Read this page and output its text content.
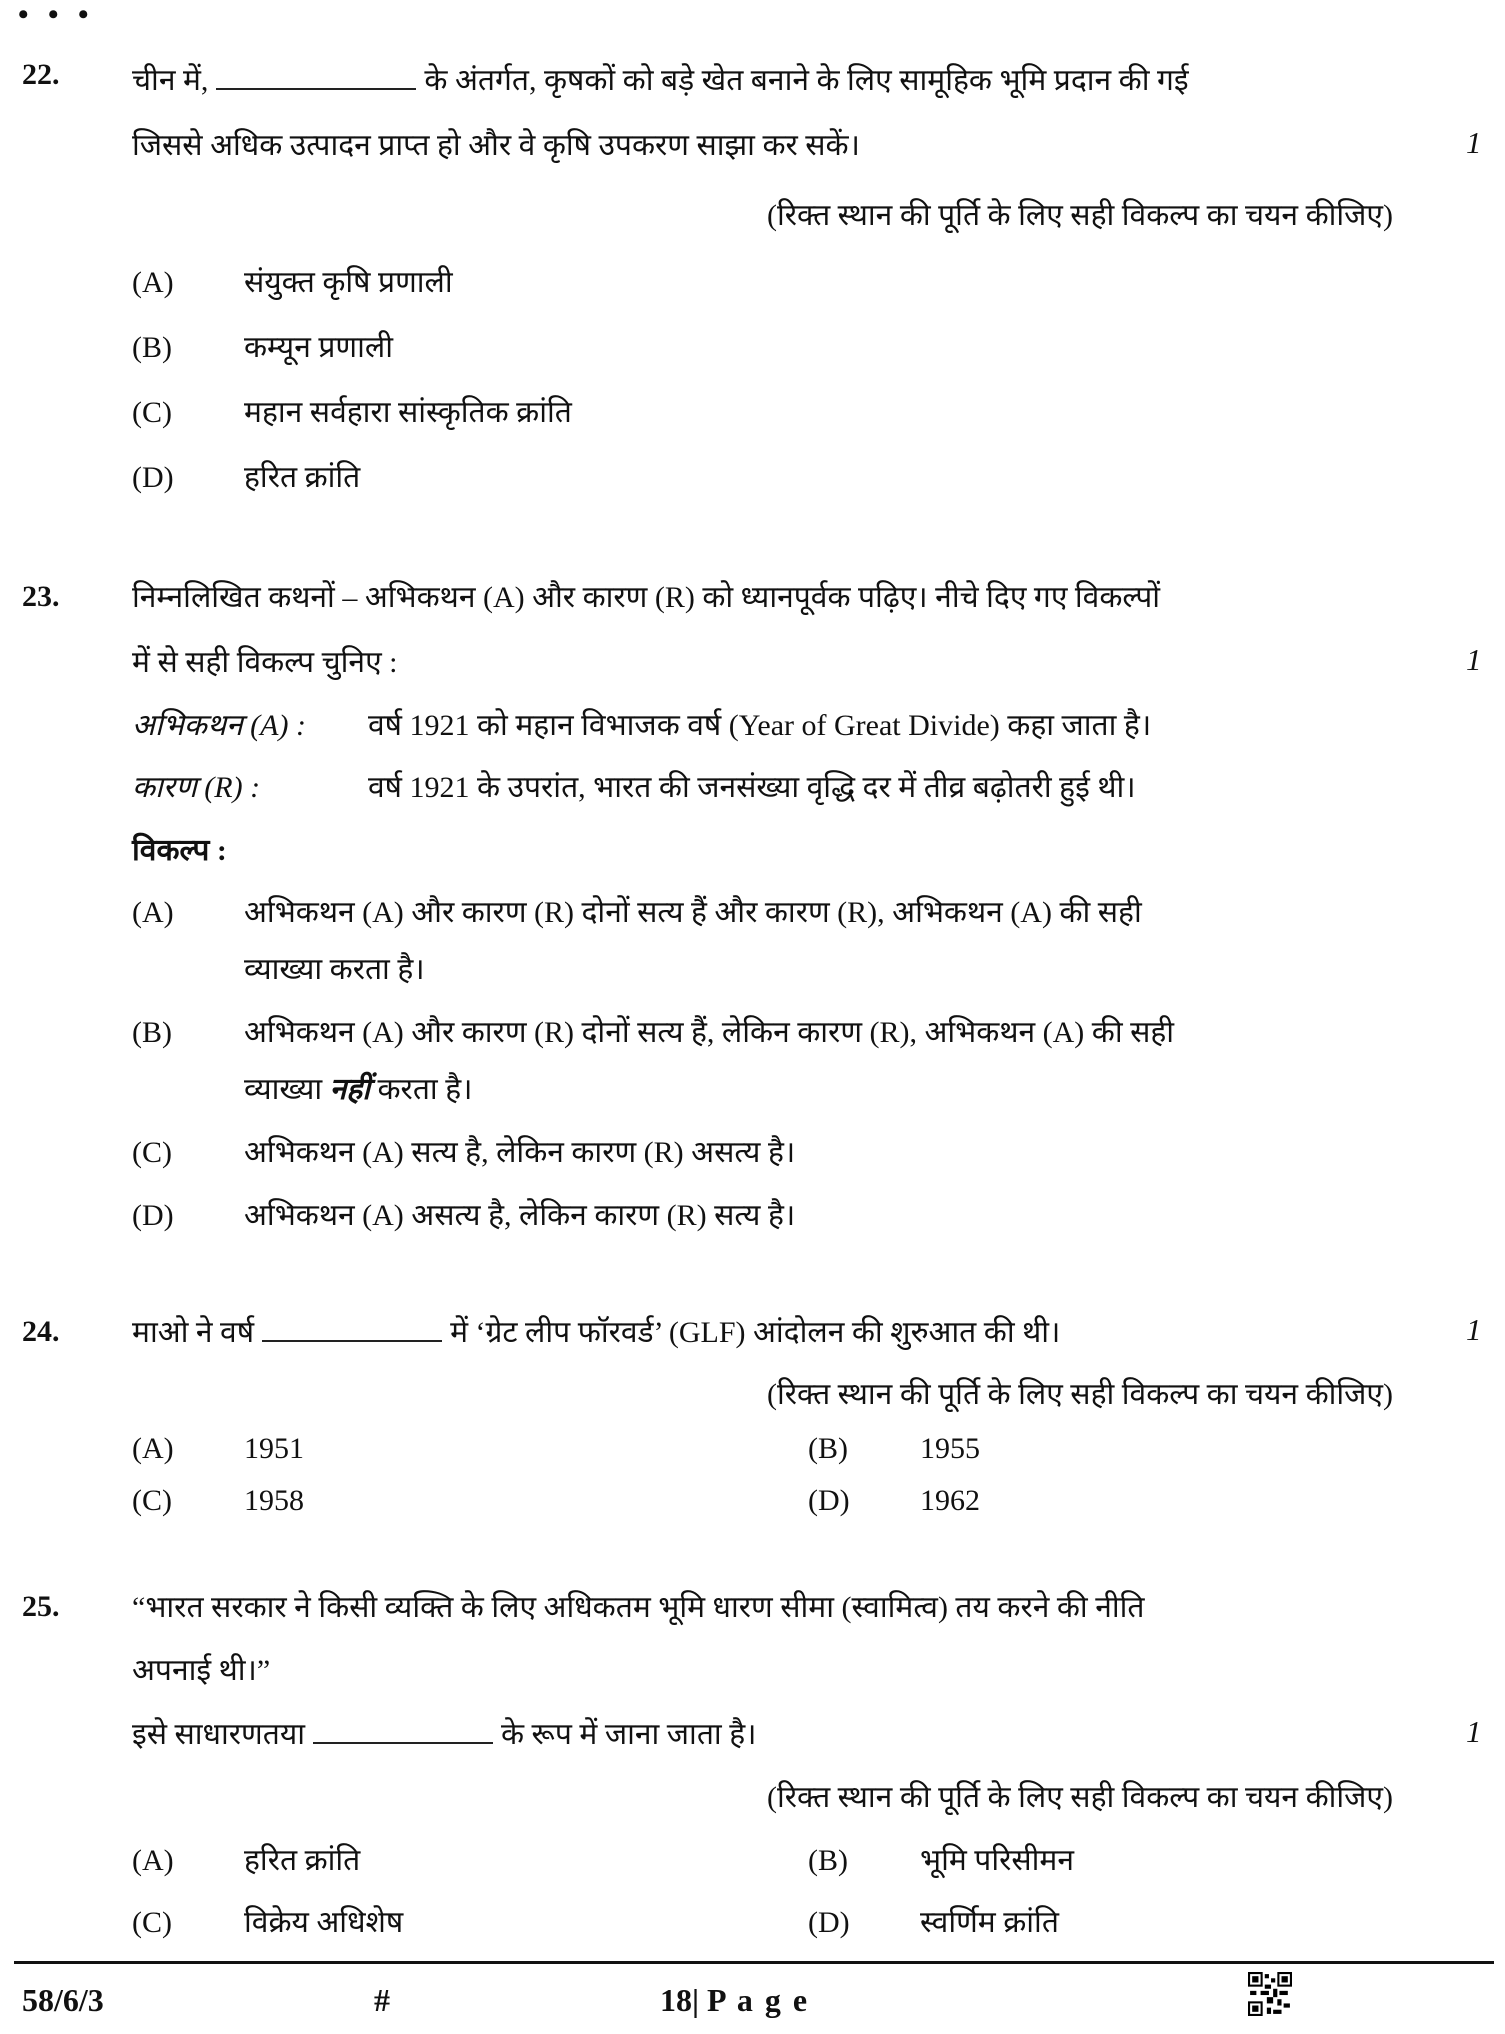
• • •
22. चीन में,	के अंतर्गत, कृषकों को बड़े खेत बनाने के लिए सामूहिक भूमि प्रदान की गई
जिससे अधिक उत्पादन प्राप्त हो और वे कृषि उपकरण साझा कर सकें।	1
(रिक्त स्थान की पूर्ति के लिए सही विकल्प का चयन कीजिए)
(A) संयुक्त कृषि प्रणाली
(B) कम्यून प्रणाली
(C) महान सर्वहारा सांस्कृतिक क्रांति
(D) हरित क्रांति
23. निम्नलिखित कथनों – अभिकथन (A) और कारण (R) को ध्यानपूर्वक पढ़िए। नीचे दिए गए विकल्पों
में से सही विकल्प चुनिए :	1
अभिकथन (A) : वर्ष 1921 को महान विभाजक वर्ष (Year of Great Divide) कहा जाता है।
कारण (R) :	वर्ष 1921 के उपरांत, भारत की जनसंख्या वृद्धि दर में तीव्र बढ़ोतरी हुई थी।
विकल्प :
(A) अभिकथन (A) और कारण (R) दोनों सत्य हैं और कारण (R), अभिकथन (A) की सही
व्याख्या करता है।
(B) अभिकथन (A) और कारण (R) दोनों सत्य हैं, लेकिन कारण (R), अभिकथन (A) की सही
व्याख्या नहीं करता है।
(C) अभिकथन (A) सत्य है, लेकिन कारण (R) असत्य है।
(D) अभिकथन (A) असत्य है, लेकिन कारण (R) सत्य है।
24. माओ ने वर्ष	में ‘ग्रेट लीप फॉरवर्ड’ (GLF) आंदोलन की शुरुआत की थी।	1
(रिक्त स्थान की पूर्ति के लिए सही विकल्प का चयन कीजिए)
(A) 1951	(B) 1955
(C) 1958	(D) 1962
25. “भारत सरकार ने किसी व्यक्ति के लिए अधिकतम भूमि धारण सीमा (स्वामित्व) तय करने की नीति
अपनाई थी।”
इसे साधारणतया	के रूप में जाना जाता है।	1
(रिक्त स्थान की पूर्ति के लिए सही विकल्प का चयन कीजिए)
(A) हरित क्रांति	(B) भूमि परिसीमन
(C) विक्रेय अधिशेष	(D) स्वर्णिम क्रांति
58/6/3	#	18| P a g e
